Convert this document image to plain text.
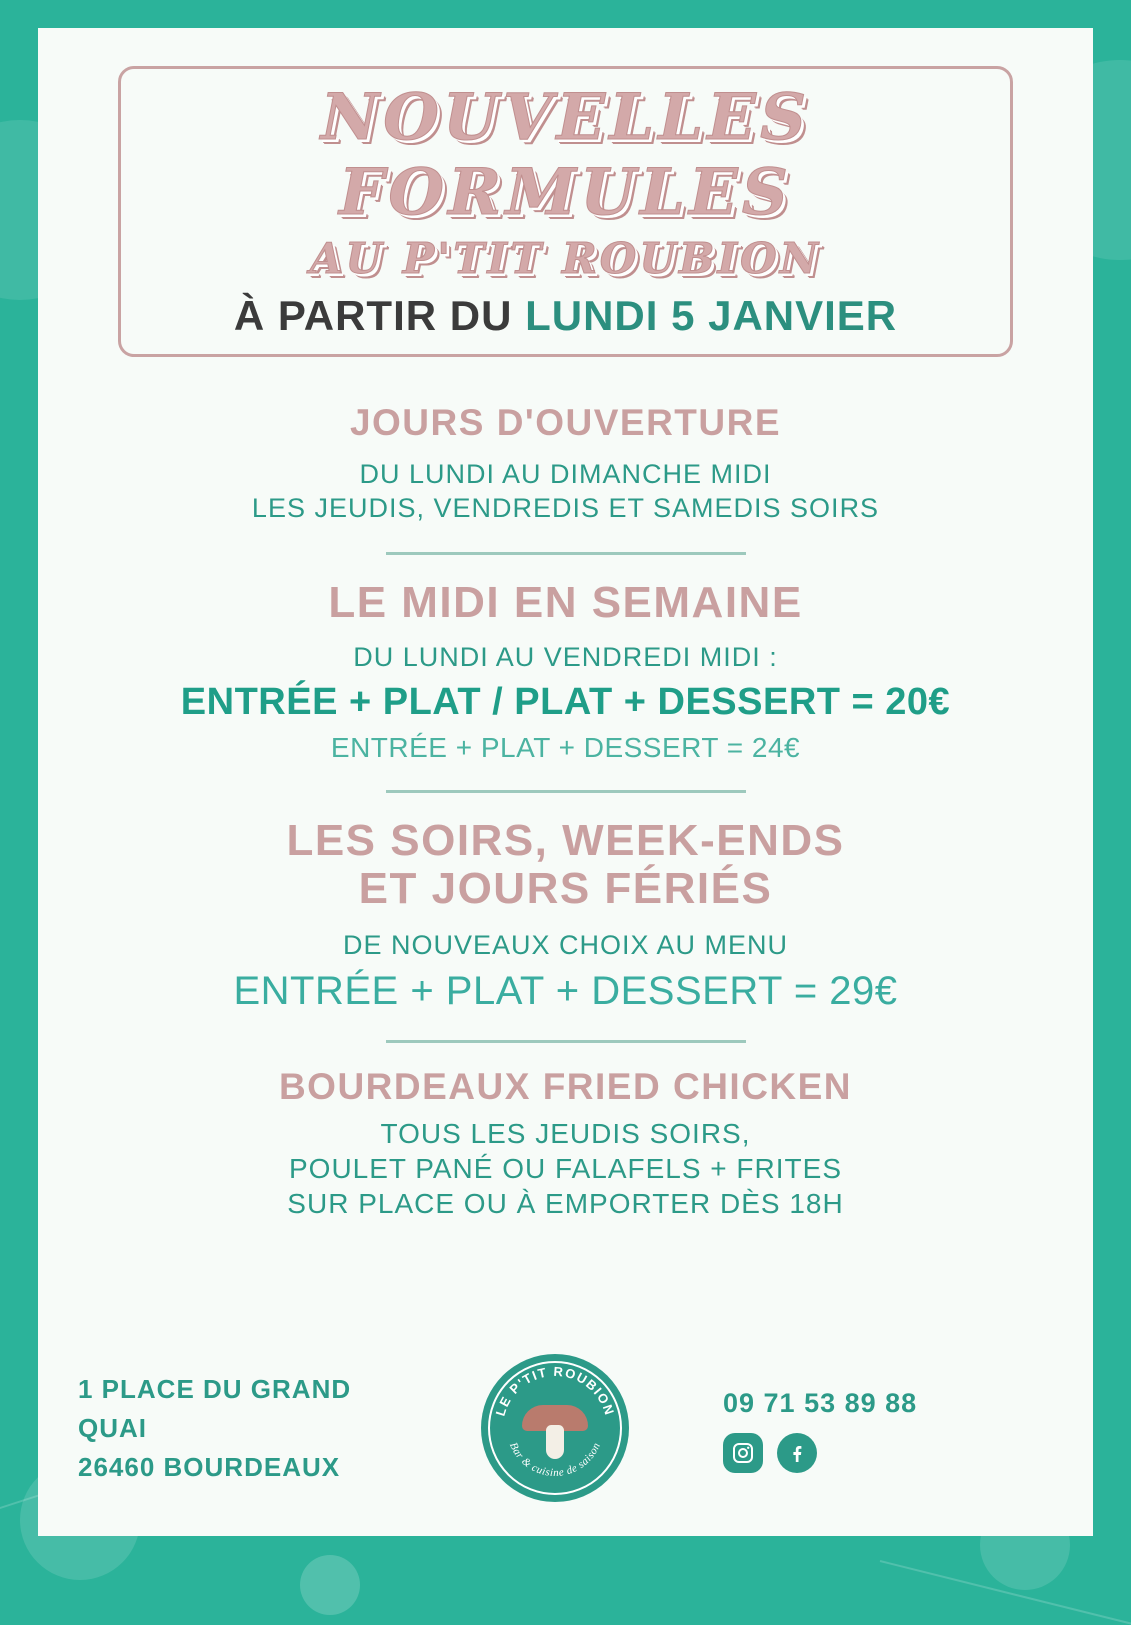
NOUVELLES
FORMULES
AU P'TIT ROUBION
À PARTIR DU LUNDI 5 JANVIER
JOURS D'OUVERTURE
DU LUNDI AU DIMANCHE MIDI
LES JEUDIS, VENDREDIS ET SAMEDIS SOIRS
LE MIDI EN SEMAINE
DU LUNDI AU VENDREDI MIDI :
ENTRÉE + PLAT / PLAT + DESSERT = 20€
ENTRÉE + PLAT + DESSERT = 24€
LES SOIRS, WEEK-ENDS
ET JOURS FÉRIÉS
DE NOUVEAUX CHOIX AU MENU
ENTRÉE + PLAT + DESSERT = 29€
BOURDEAUX FRIED CHICKEN
TOUS LES JEUDIS SOIRS,
POULET PANÉ OU FALAFELS + FRITES
SUR PLACE OU À EMPORTER DÈS 18H
1 PLACE DU GRAND QUAI
26460 BOURDEAUX
LE P'TIT ROUBION
Bar & cuisine de saison
09 71 53 89 88
